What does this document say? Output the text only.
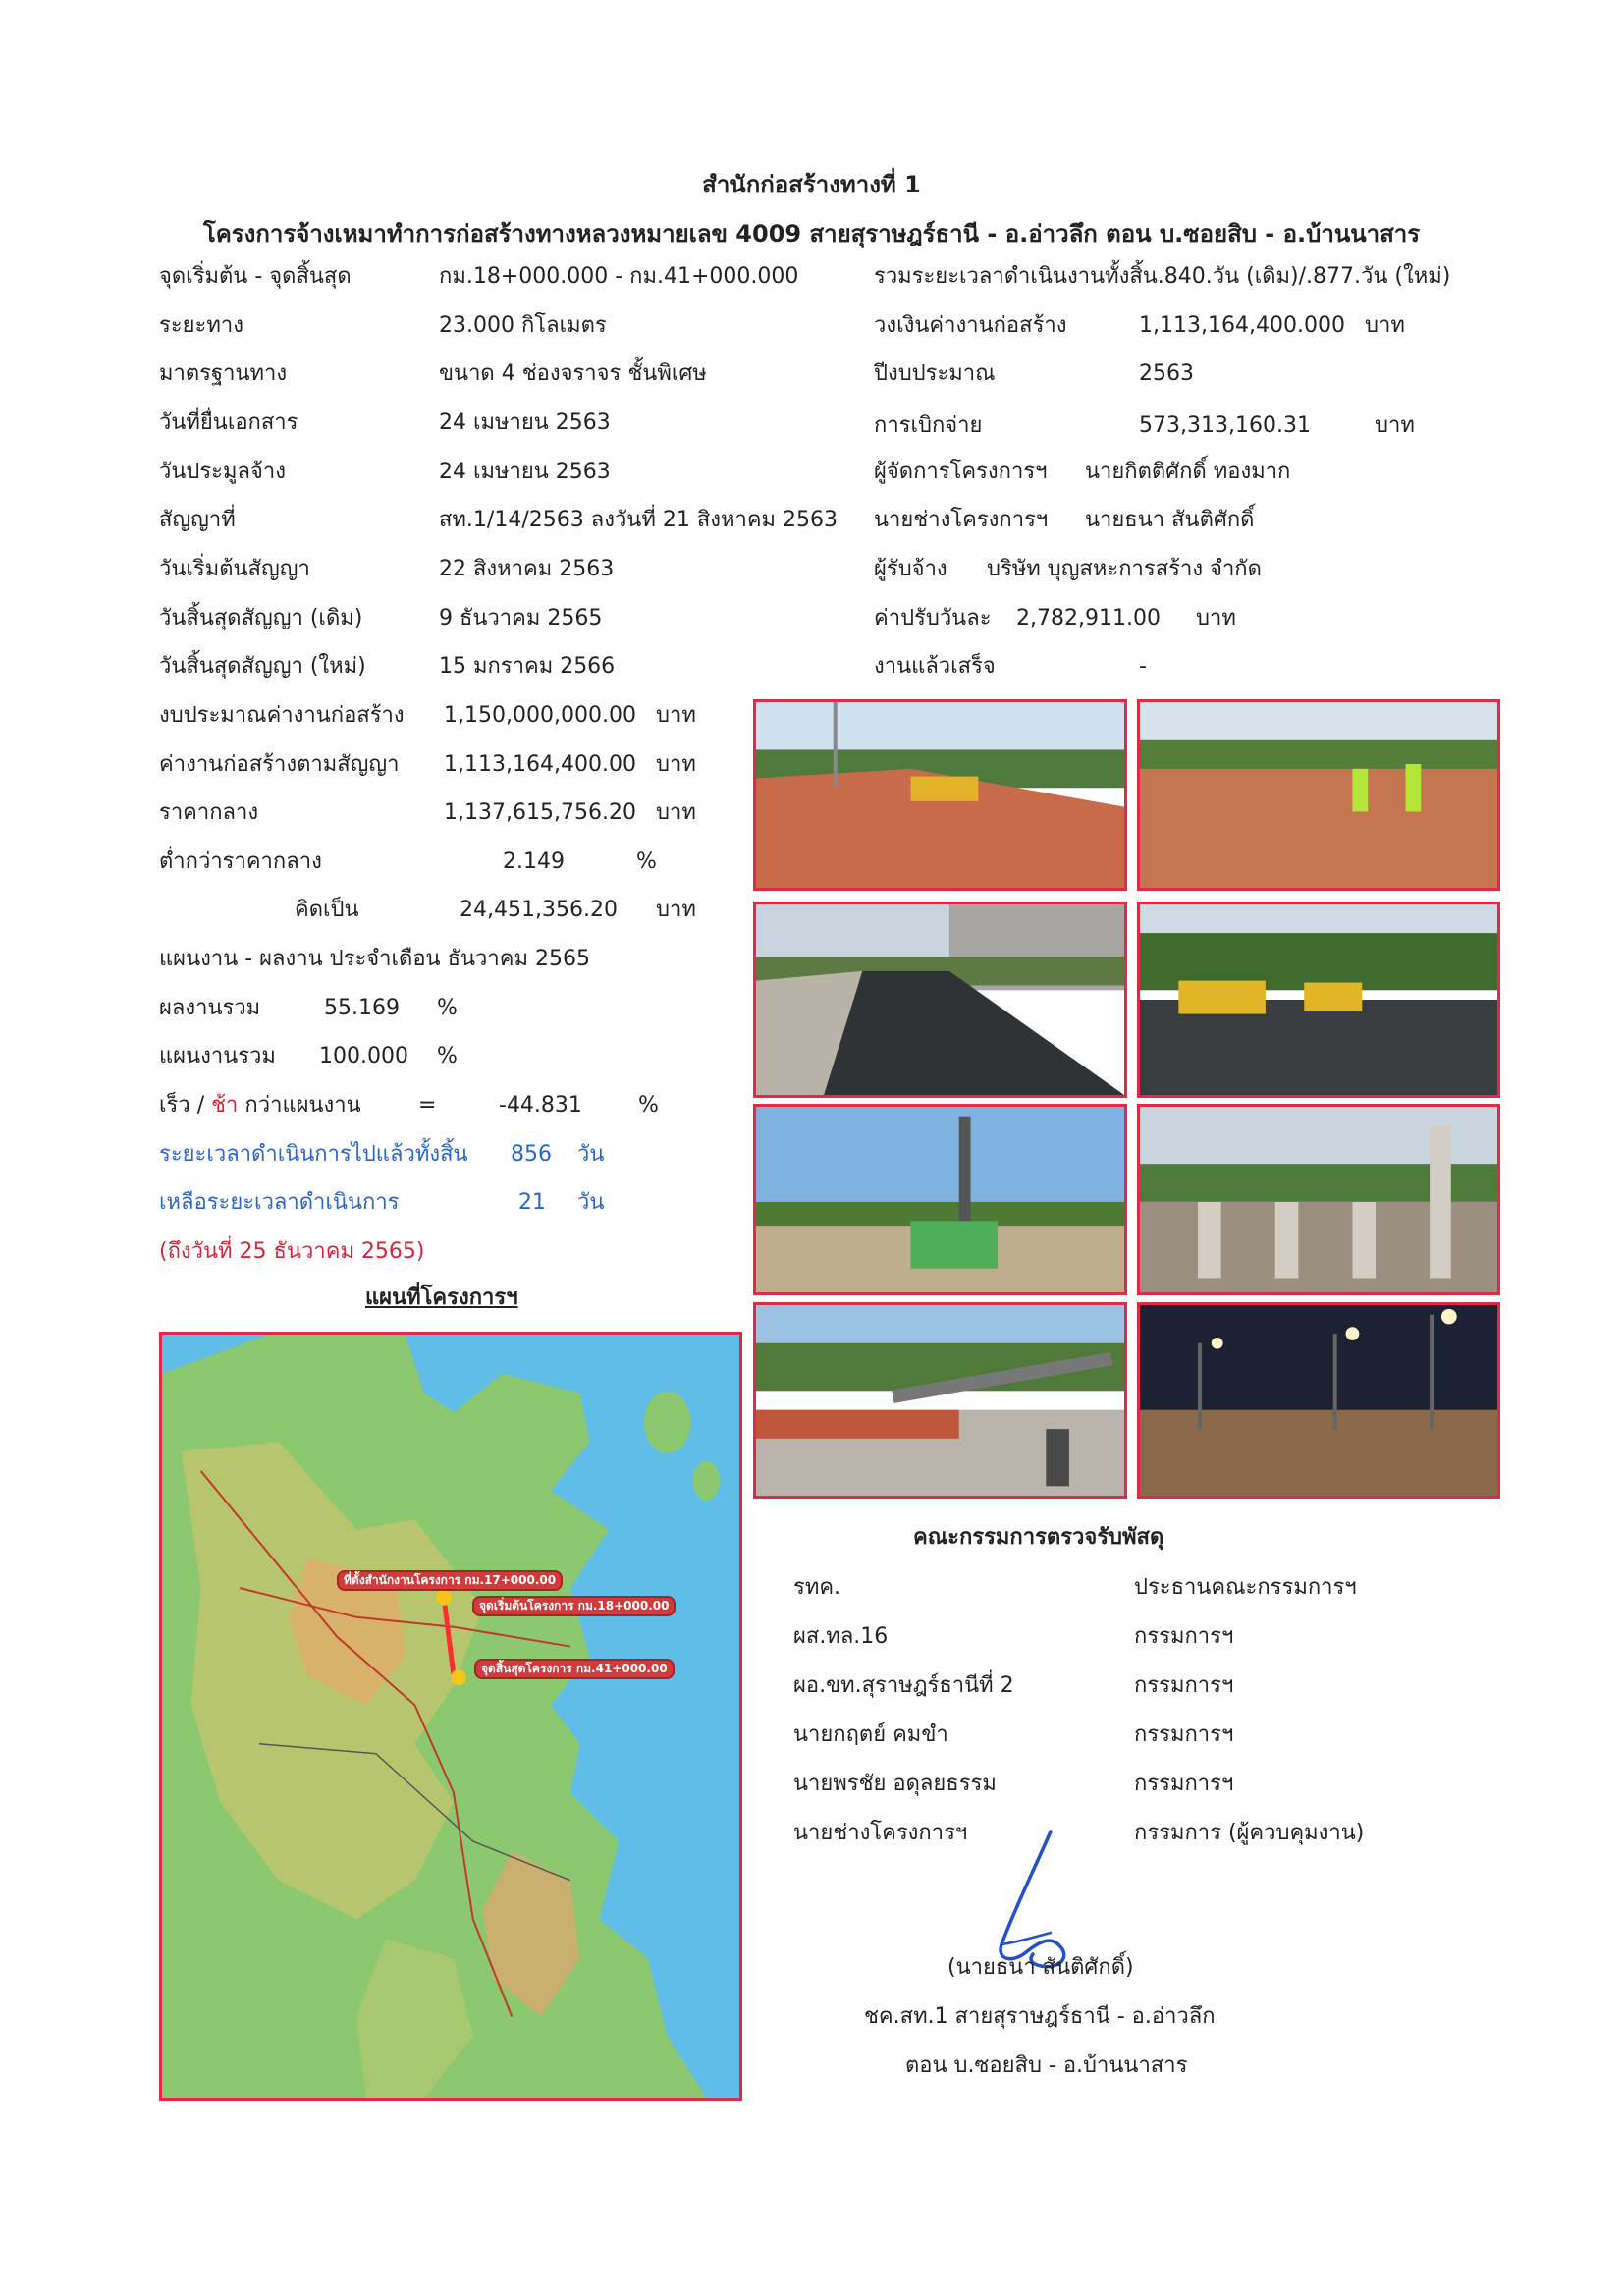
สำนักก่อสร้างทางที่ 1
โครงการจ้างเหมาทำการก่อสร้างทางหลวงหมายเลข 4009 สายสุราษฎร์ธานี - อ.อ่าวลึก ตอน บ.ซอยสิบ - อ.บ้านนาสาร
จุดเริ่มต้น - จุดสิ้นสุด	กม.18+000.000 - กม.41+000.000
ระยะทาง	23.000 กิโลเมตร
มาตรฐานทาง	ขนาด 4 ช่องจราจร ชั้นพิเศษ
วันที่ยื่นเอกสาร	24 เมษายน 2563
วันประมูลจ้าง	24 เมษายน 2563
สัญญาที่	สท.1/14/2563 ลงวันที่ 21 สิงหาคม 2563
วันเริ่มต้นสัญญา	22 สิงหาคม 2563
วันสิ้นสุดสัญญา (เดิม)	9 ธันวาคม 2565
วันสิ้นสุดสัญญา (ใหม่)	15 มกราคม 2566
รวมระยะเวลาดำเนินงานทั้งสิ้น.840.วัน (เดิม)/.877.วัน (ใหม่)
วงเงินค่างานก่อสร้าง	1,113,164,400.000 บาท
ปีงบประมาณ	2563
การเบิกจ่าย	573,313,160.31	บาท
ผู้จัดการโครงการฯ นายกิตติศักดิ์ ทองมาก
นายช่างโครงการฯ นายธนา สันติศักดิ์
ผู้รับจ้าง บริษัท บุญสหะการสร้าง จำกัด
ค่าปรับวันละ 2,782,911.00 บาท
งานแล้วเสร็จ	-
งบประมาณค่างานก่อสร้าง 1,150,000,000.00 บาท
ค่างานก่อสร้างตามสัญญา 1,113,164,400.00 บาท
ราคากลาง	1,137,615,756.20 บาท
ต่ำกว่าราคากลาง	2.149	%
คิดเป็น	24,451,356.20 บาท
แผนงาน - ผลงาน ประจำเดือน ธันวาคม 2565
ผลงานรวม	55.169 %
แผนงานรวม 100.000 %
เร็ว / ช้า กว่าแผนงาน	=	-44.831	%
ระยะเวลาดำเนินการไปแล้วทั้งสิ้น 856 วัน
เหลือระยะเวลาดำเนินการ	21 วัน
(ถึงวันที่ 25 ธันวาคม 2565)
แผนที่โครงการฯ
ที่ตั้งสำนักงานโครงการ กม.17+000.00
จุดเริ่มต้นโครงการ กม.18+000.00
จุดสิ้นสุดโครงการ กม.41+000.00
คณะกรรมการตรวจรับพัสดุ
รทค.	ประธานคณะกรรมการฯ
ผส.ทล.16	กรรมการฯ
ผอ.ขท.สุราษฎร์ธานีที่ 2	กรรมการฯ
นายกฤตย์ คมขำ	กรรมการฯ
นายพรชัย อดุลยธรรม	กรรมการฯ
นายช่างโครงการฯ	กรรมการ (ผู้ควบคุมงาน)
(นายธนา สันติศักดิ์)
ชค.สท.1 สายสุราษฎร์ธานี - อ.อ่าวลึก
ตอน บ.ซอยสิบ - อ.บ้านนาสาร
